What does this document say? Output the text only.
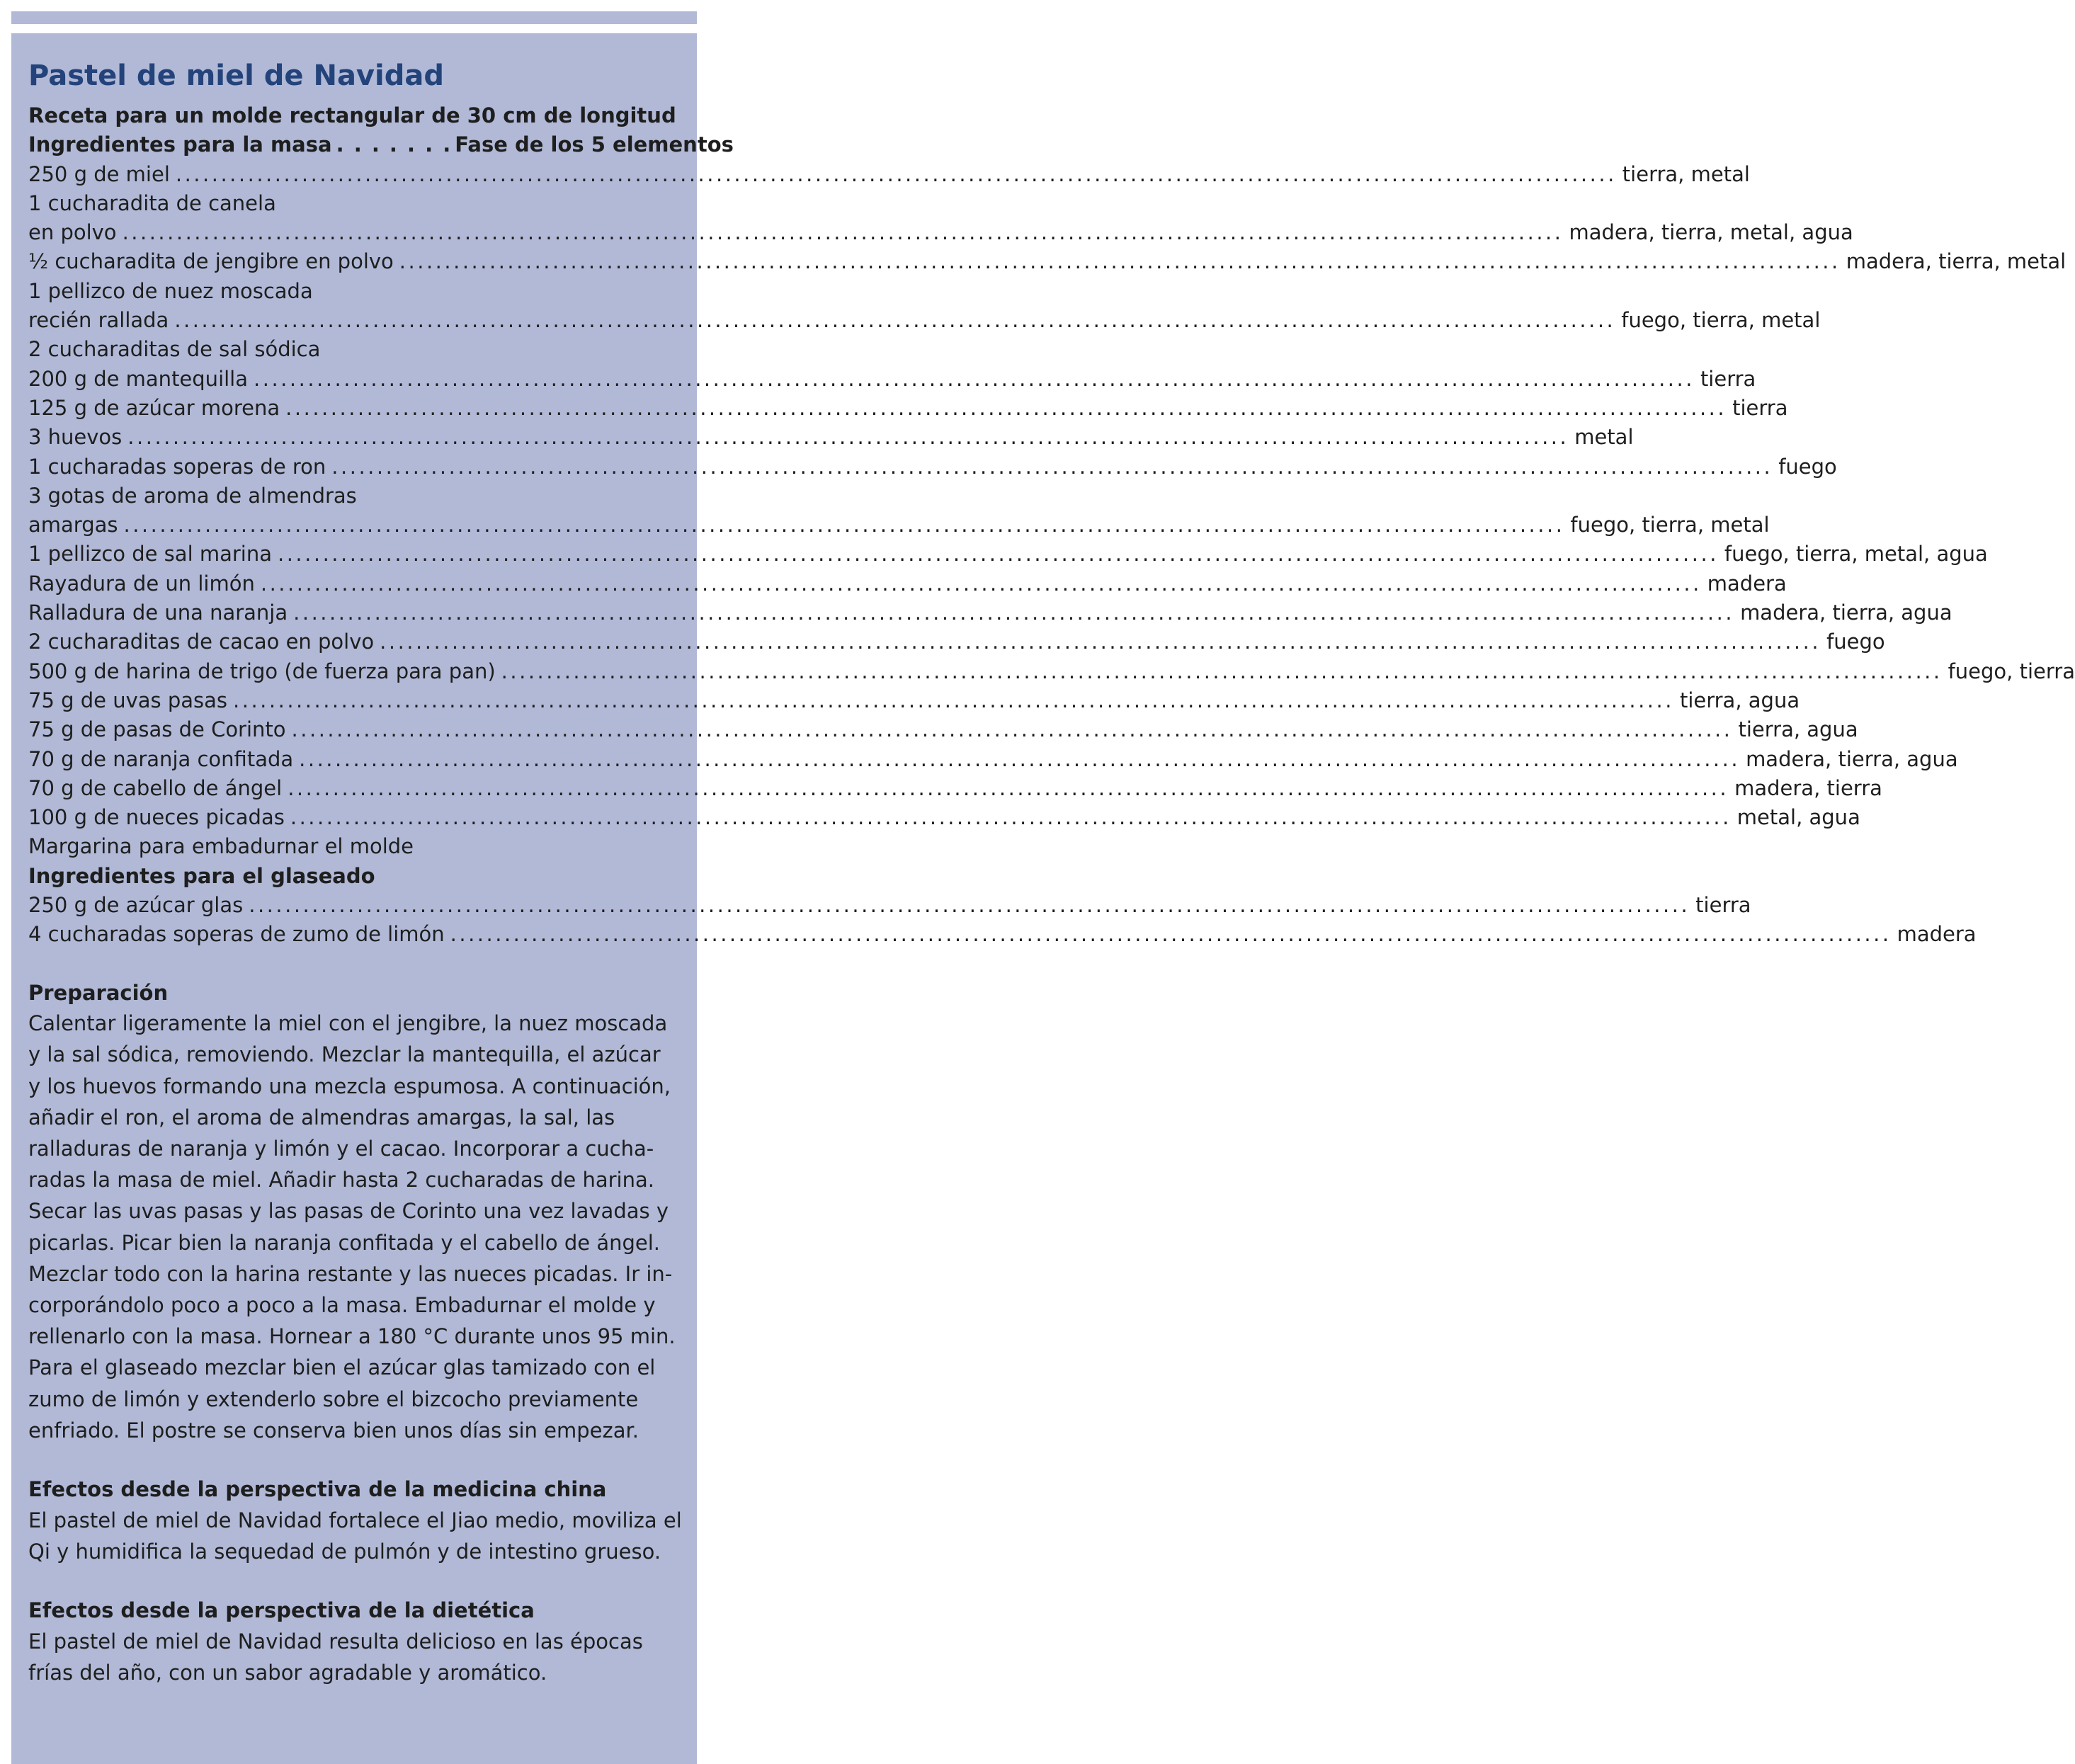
Pastel de miel de Navidad
Receta para un molde rectangular de 30 cm de longitud
Ingredientes para la masa . . . . . . . Fase de los 5 elementos
250 g de miel ................................................................................................................................................................ tierra, metal
1 cucharadita de canela
en polvo ................................................................................................................................................................ madera, tierra, metal, agua
½ cucharadita de jengibre en polvo ................................................................................................................................................................ madera, tierra, metal
1 pellizco de nuez moscada
recién rallada ................................................................................................................................................................ fuego, tierra, metal
2 cucharaditas de sal sódica
200 g de mantequilla ................................................................................................................................................................ tierra
125 g de azúcar morena ................................................................................................................................................................ tierra
3 huevos ................................................................................................................................................................ metal
1 cucharadas soperas de ron ................................................................................................................................................................ fuego
3 gotas de aroma de almendras
amargas ................................................................................................................................................................ fuego, tierra, metal
1 pellizco de sal marina ................................................................................................................................................................ fuego, tierra, metal, agua
Rayadura de un limón ................................................................................................................................................................ madera
Ralladura de una naranja ................................................................................................................................................................ madera, tierra, agua
2 cucharaditas de cacao en polvo ................................................................................................................................................................ fuego
500 g de harina de trigo (de fuerza para pan) ................................................................................................................................................................ fuego, tierra
75 g de uvas pasas ................................................................................................................................................................ tierra, agua
75 g de pasas de Corinto ................................................................................................................................................................ tierra, agua
70 g de naranja confitada ................................................................................................................................................................ madera, tierra, agua
70 g de cabello de ángel ................................................................................................................................................................ madera, tierra
100 g de nueces picadas ................................................................................................................................................................ metal, agua
Margarina para embadurnar el molde
Ingredientes para el glaseado
250 g de azúcar glas ................................................................................................................................................................ tierra
4 cucharadas soperas de zumo de limón ................................................................................................................................................................ madera
Preparación

Calentar ligeramente la miel con el jengibre, la nuez moscada
y la sal sódica, removiendo. Mezclar la mantequilla, el azúcar
y los huevos formando una mezcla espumosa. A continuación,
añadir el ron, el aroma de almendras amargas, la sal, las
ralladuras de naranja y limón y el cacao. Incorporar a cucha-
radas la masa de miel. Añadir hasta 2 cucharadas de harina.
Secar las uvas pasas y las pasas de Corinto una vez lavadas y
picarlas. Picar bien la naranja confitada y el cabello de ángel.
Mezclar todo con la harina restante y las nueces picadas. Ir in-
corporándolo poco a poco a la masa. Embadurnar el molde y
rellenarlo con la masa. Hornear a 180 °C durante unos 95 min.
Para el glaseado mezclar bien el azúcar glas tamizado con el
zumo de limón y extenderlo sobre el bizcocho previamente
enfriado. El postre se conserva bien unos días sin empezar.

Efectos desde la perspectiva de la medicina china

El pastel de miel de Navidad fortalece el Jiao medio, moviliza el
Qi y humidifica la sequedad de pulmón y de intestino grueso.

Efectos desde la perspectiva de la dietética

El pastel de miel de Navidad resulta delicioso en las épocas
frías del año, con un sabor agradable y aromático.
